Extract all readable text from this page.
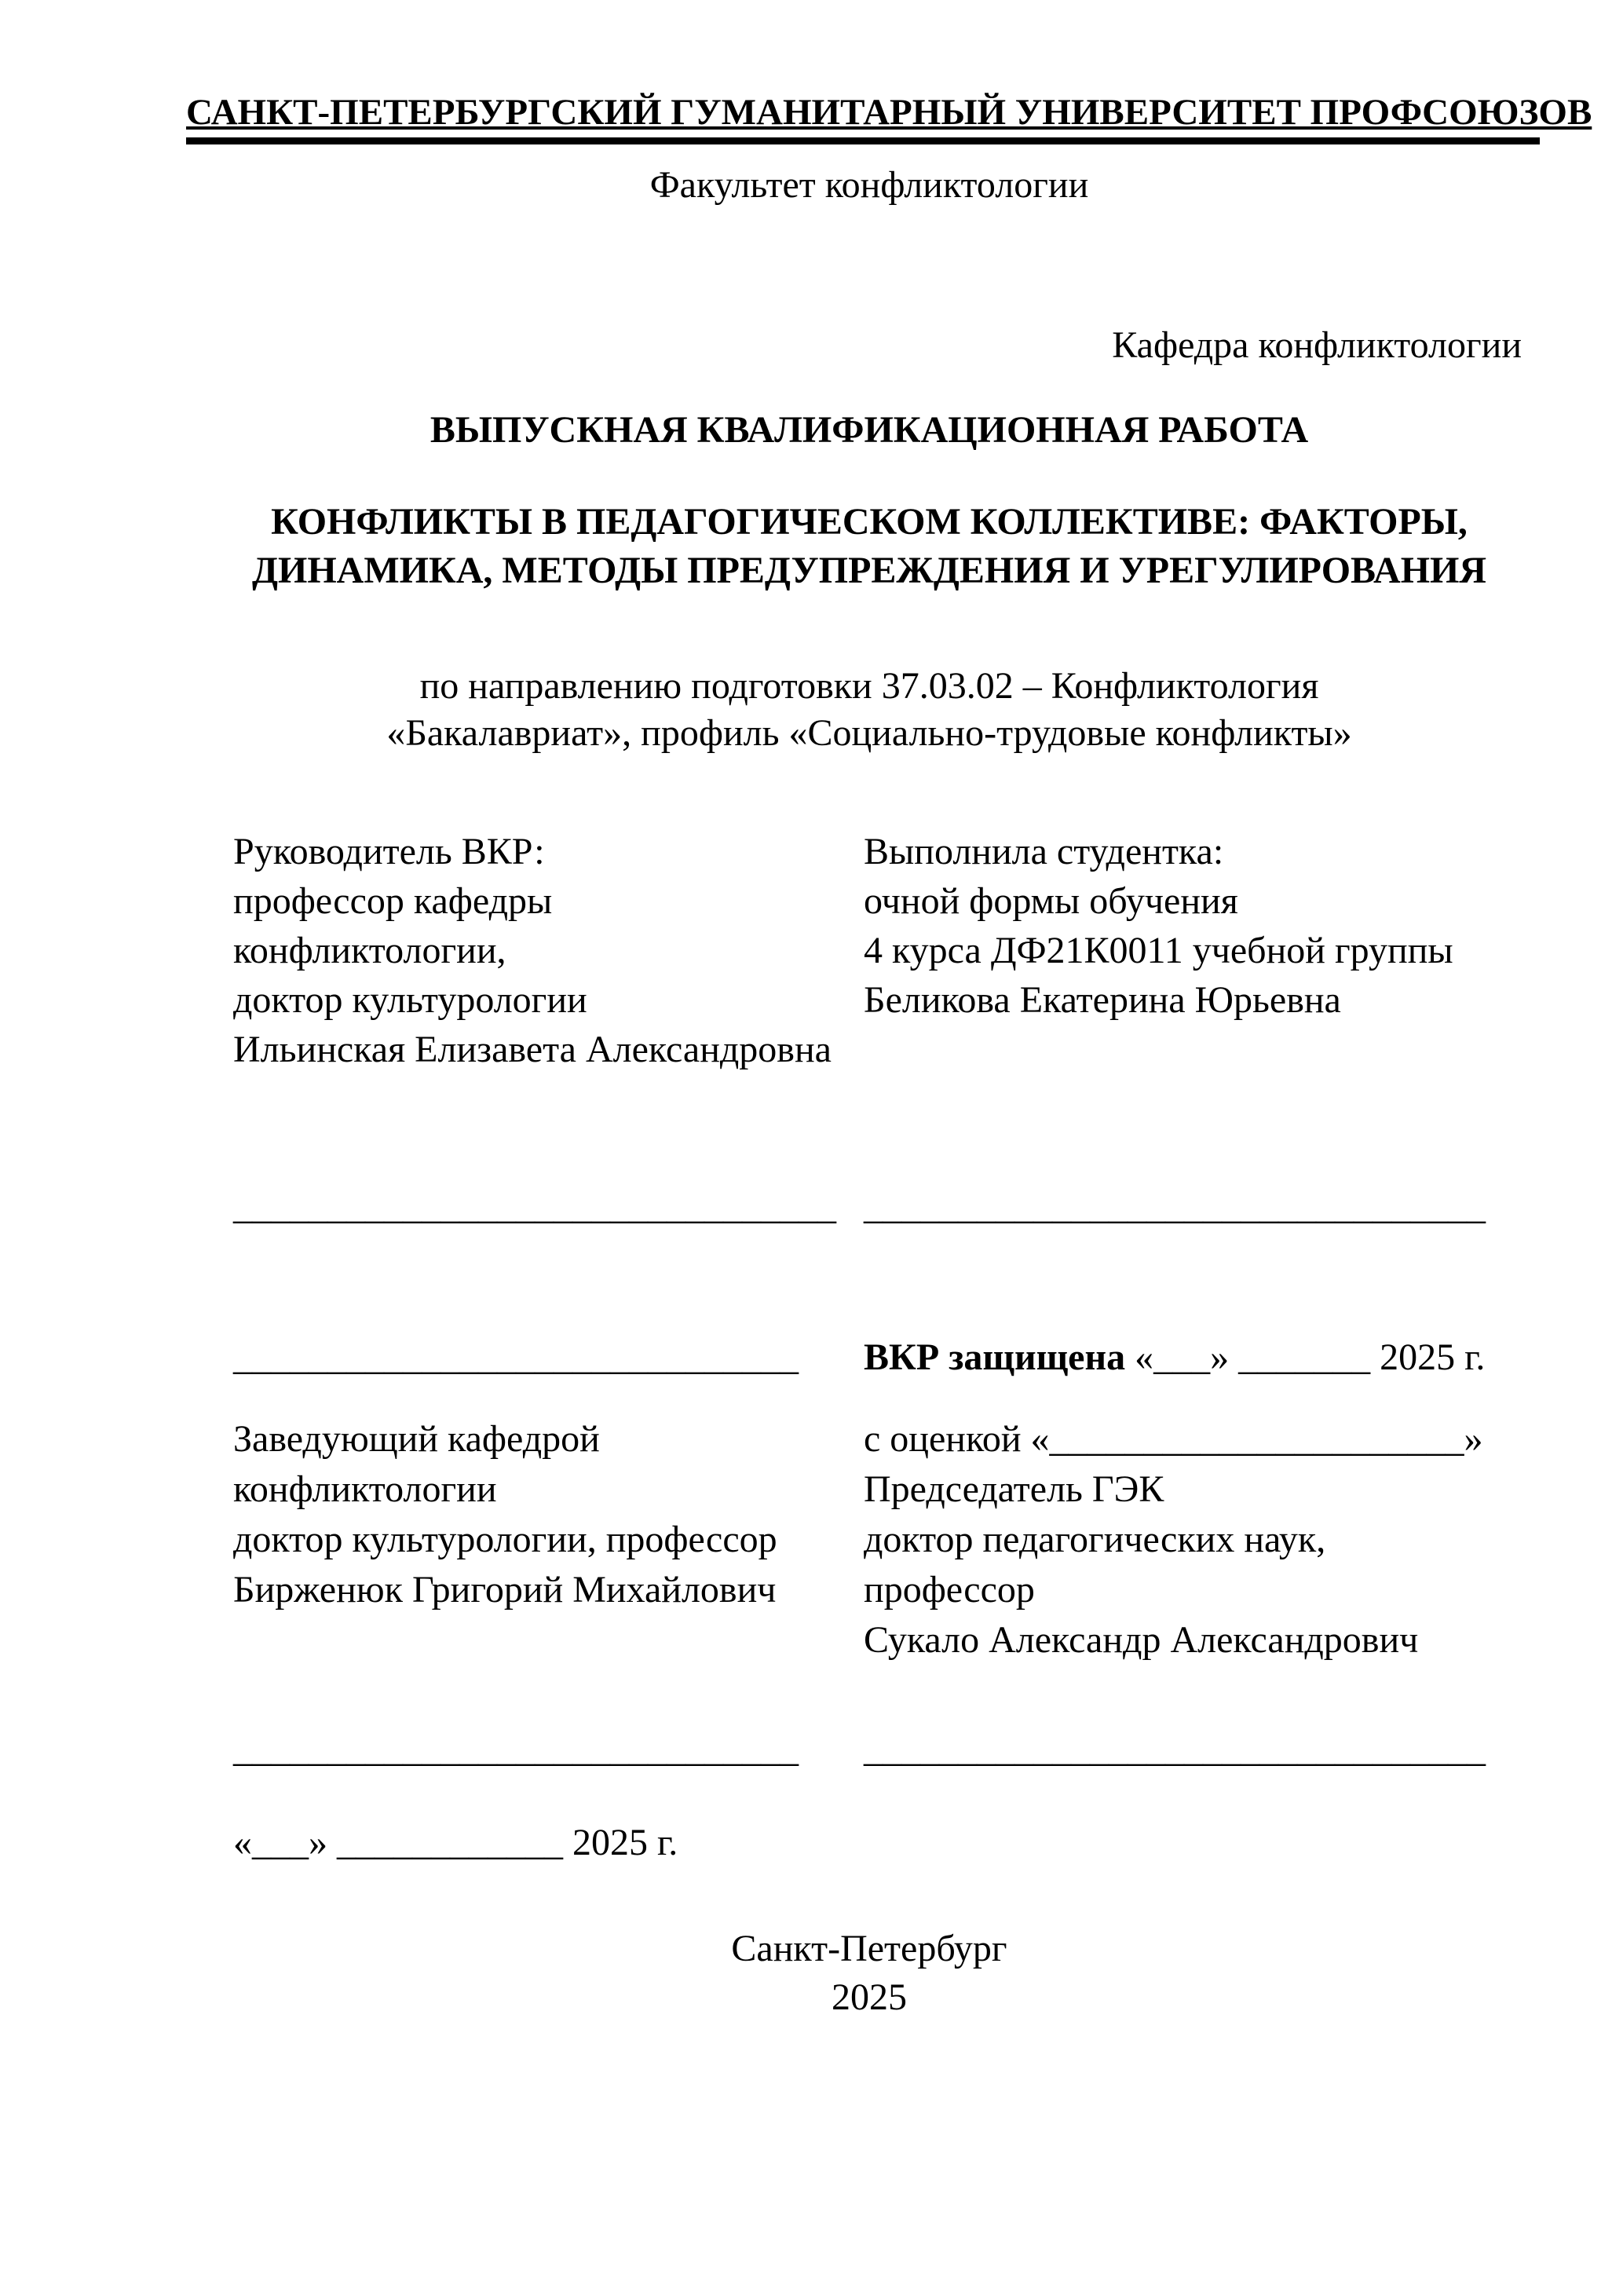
САНКТ-ПЕТЕРБУРГСКИЙ ГУМАНИТАРНЫЙ УНИВЕРСИТЕТ ПРОФСОЮЗОВ
Факультет конфликтологии
Кафедра конфликтологии
ВЫПУСКНАЯ КВАЛИФИКАЦИОННАЯ РАБОТА
КОНФЛИКТЫ В ПЕДАГОГИЧЕСКОМ КОЛЛЕКТИВЕ: ФАКТОРЫ,
ДИНАМИКА, МЕТОДЫ ПРЕДУПРЕЖДЕНИЯ И УРЕГУЛИРОВАНИЯ
по направлению подготовки 37.03.02 – Конфликтология
«Бакалавриат», профиль «Социально-трудовые конфликты»
Руководитель ВКР:
профессор кафедры
конфликтологии,
доктор культурологии
Ильинская Елизавета Александровна
Выполнила студентка:
очной формы обучения
4 курса ДФ21К0011 учебной группы
Беликова Екатерина Юрьевна
________________________________ _________________________________
______________________________ ВКР защищена «___» _______ 2025 г.
Заведующий кафедрой
конфликтологии
доктор культурологии, профессор
Бирженюк Григорий Михайлович
с оценкой «______________________»
Председатель ГЭК
доктор педагогических наук,
профессор
Сукало Александр Александрович
______________________________ _________________________________
«___» ____________ 2025 г.
Санкт-Петербург
2025
